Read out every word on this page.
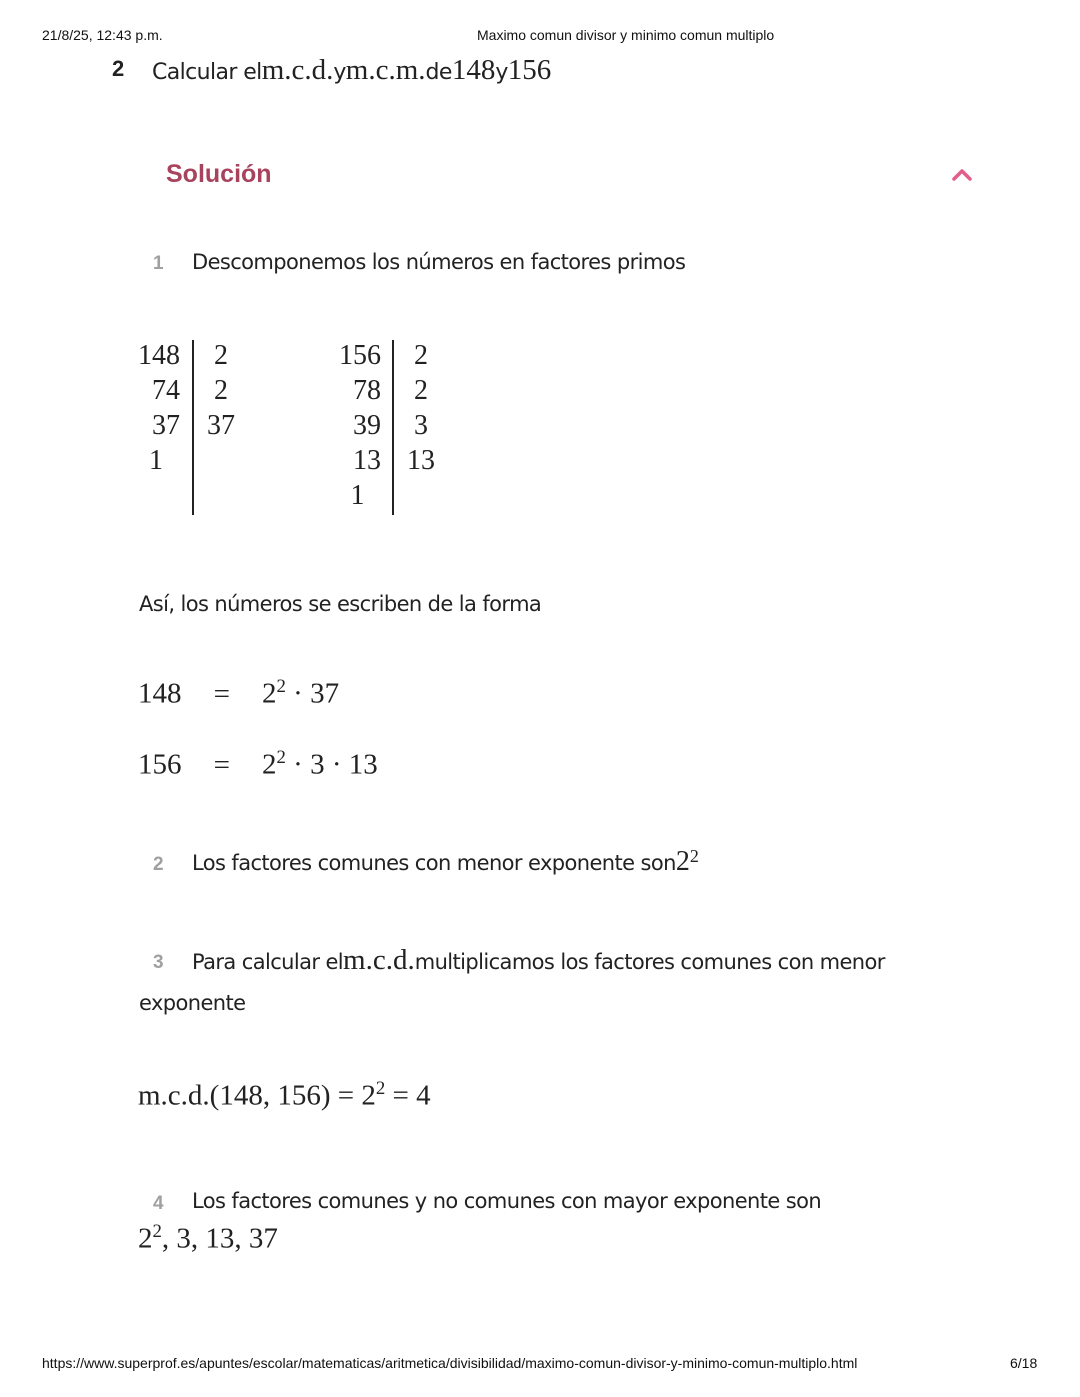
21/8/25, 12:43 p.m.	Maximo comun divisor y minimo comun multiplo
2 Calcular elm.c.d.ym.c.m.de148y156
Solución
1 Descomponemos los números en factores primos
148
74
37
1
2
2
37
156
78
39
13
1
2
2
3
13
Así, los números se escriben de la forma
$148 = 2^2 \cdot 37$
$156 = 2^2 \cdot 3 \cdot 13$
2 Los factores comunes con menor exponente $son2^2$
3 Para calcular elm.c.d.multiplicamos los factores comunes con menor
exponente
m.c.d.(148, $156) = 2^2 = 4$
4 Los factores comunes y no comunes con mayor exponente son
$2^2$, 3, 13, 37
https://www.superprof.es/apuntes/escolar/matematicas/aritmetica/divisibilidad/maximo-comun-divisor-y-minimo-comun-multiplo.html	6/18
